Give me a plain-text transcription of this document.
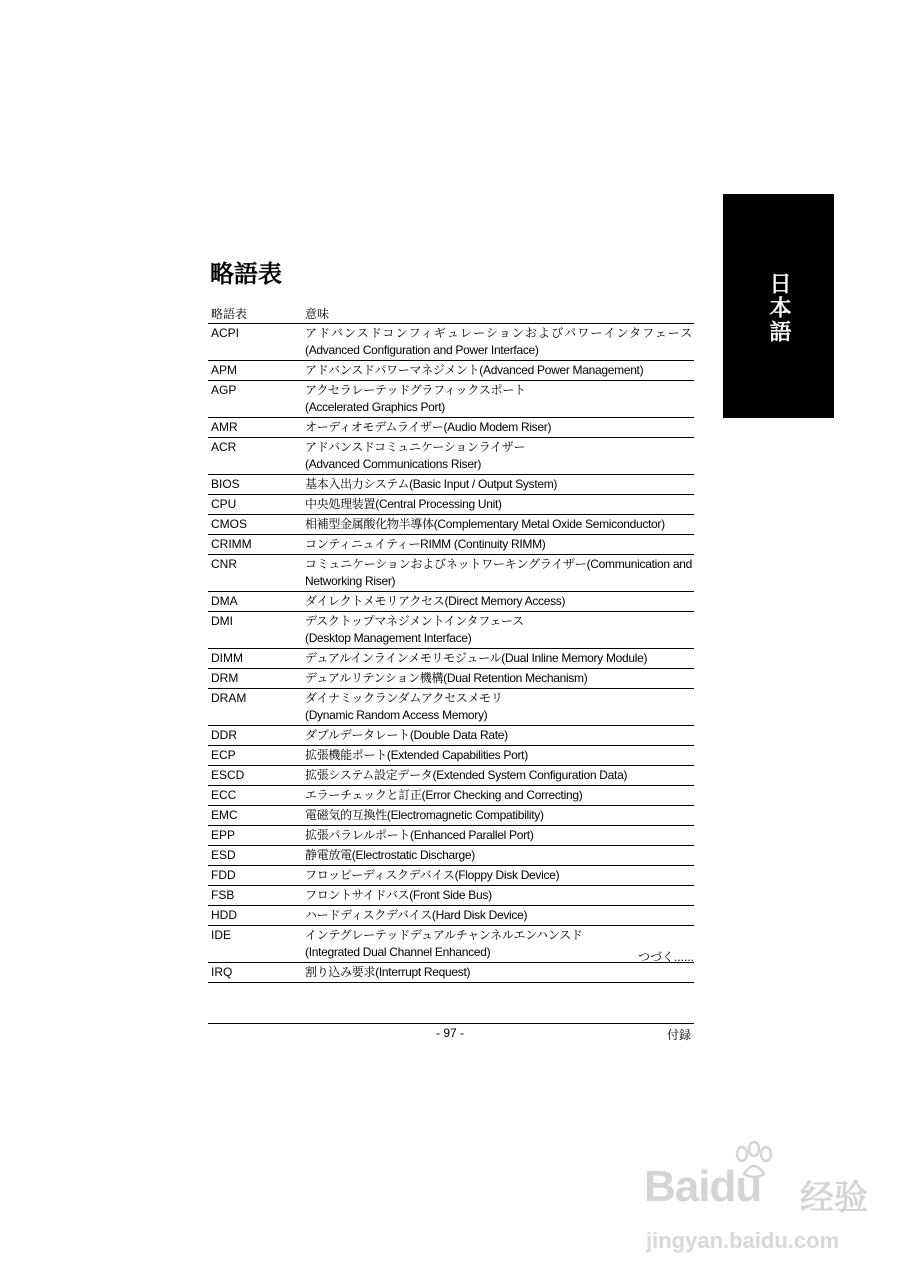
日本語
略語表
略語表	意味
ACPI	アドバンスドコンフィギュレーションおよびパワーインタフェース(Advanced Configuration and Power Interface)
APM	アドバンスドパワーマネジメント(Advanced Power Management)
AGP	アクセラレーテッドグラフィックスポート
(Accelerated Graphics Port)
AMR	オーディオモデムライザー(Audio Modem Riser)
ACR	アドバンスドコミュニケーションライザー
(Advanced Communications Riser)
BIOS	基本入出力システム(Basic Input / Output System)
CPU	中央処理装置(Central Processing Unit)
CMOS	相補型金属酸化物半導体(Complementary Metal Oxide Semiconductor)
CRIMM	コンティニュイティーRIMM (Continuity RIMM)
CNR	コミュニケーションおよびネットワーキングライザー(Communication and Networking Riser)
DMA	ダイレクトメモリアクセス(Direct Memory Access)
DMI	デスクトップマネジメントインタフェース
(Desktop Management Interface)
DIMM	デュアルインラインメモリモジュール(Dual Inline Memory Module)
DRM	デュアルリテンション機構(Dual Retention Mechanism)
DRAM	ダイナミックランダムアクセスメモリ
(Dynamic Random Access Memory)
DDR	ダブルデータレート(Double Data Rate)
ECP	拡張機能ポート(Extended Capabilities Port)
ESCD	拡張システム設定データ(Extended System Configuration Data)
ECC	エラーチェックと訂正(Error Checking and Correcting)
EMC	電磁気的互換性(Electromagnetic Compatibility)
EPP	拡張パラレルポート(Enhanced Parallel Port)
ESD	静電放電(Electrostatic Discharge)
FDD	フロッピーディスクデバイス(Floppy Disk Device)
FSB	フロントサイドバス(Front Side Bus)
HDD	ハードディスクデバイス(Hard Disk Device)
IDE	インテグレーテッドデュアルチャンネルエンハンスド
(Integrated Dual Channel Enhanced)
IRQ	割り込み要求(Interrupt Request)
つづく......
- 97 -	付録
Baidu 经验
jingyan.baidu.com
